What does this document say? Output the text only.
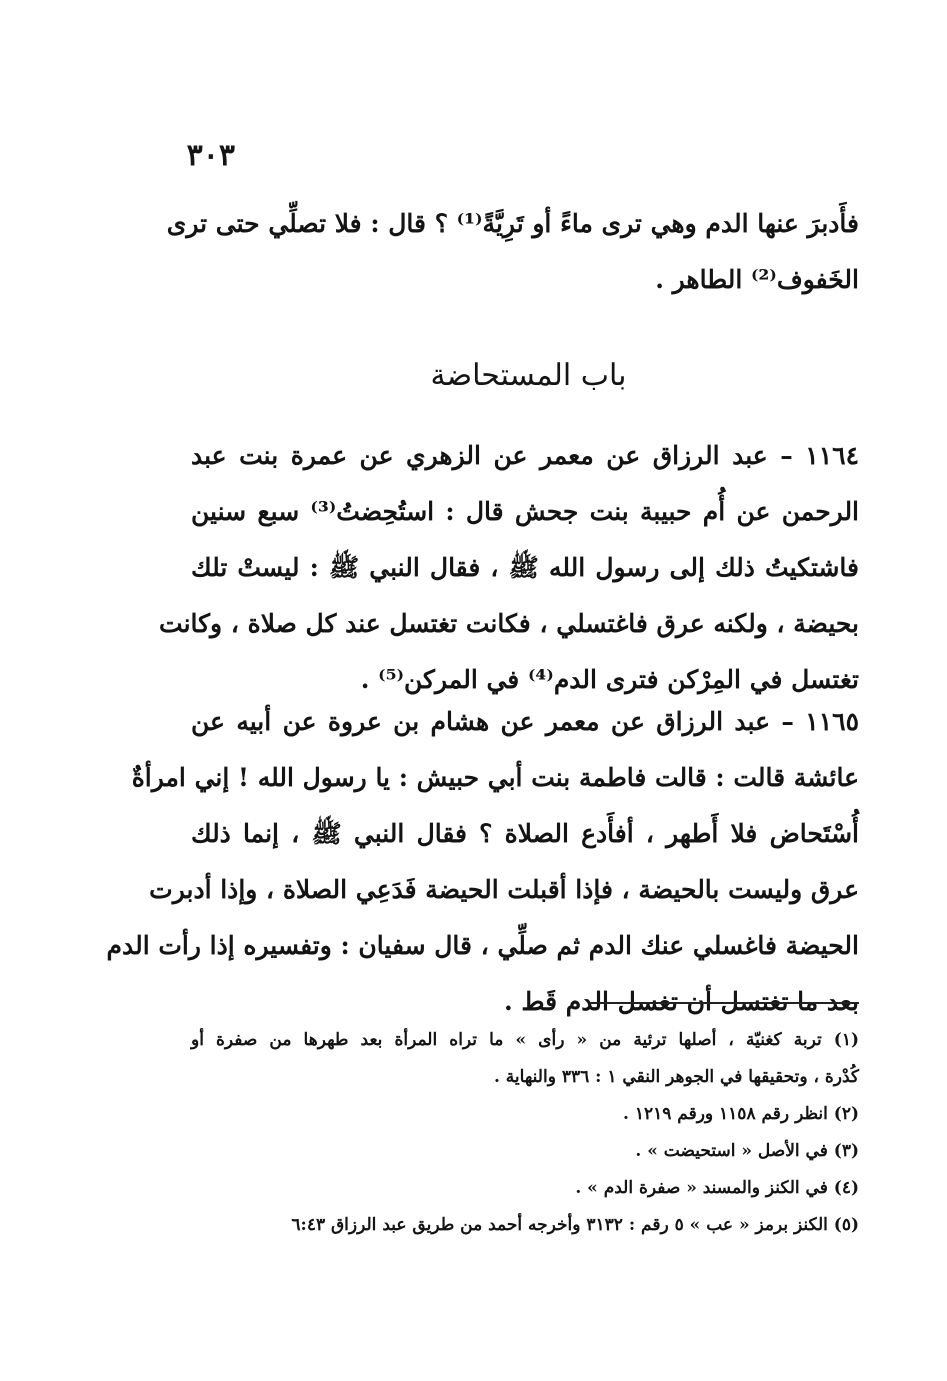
٣٠٣
فأَدبرَ عنها الدم وهي ترى ماءً أو تَرِيَّةً⁽¹⁾ ؟ قال : فلا تصلِّي حتى ترى
الخَفوف⁽²⁾ الطاهر .
باب المستحاضة
١١٦٤ – عبد الرزاق عن معمر عن الزهري عن عمرة بنت عبد
الرحمن عن أُم حبيبة بنت جحش قال : استُحِضتُ⁽³⁾ سبع سنين
فاشتكيتُ ذلك إلى رسول الله ﷺ ، فقال النبي ﷺ : ليستْ تلك
بحيضة ، ولكنه عرق فاغتسلي ، فكانت تغتسل عند كل صلاة ، وكانت
تغتسل في المِرْكن فترى الدم⁽⁴⁾ في المركن⁽⁵⁾ .
١١٦٥ – عبد الرزاق عن معمر عن هشام بن عروة عن أبيه عن
عائشة قالت : قالت فاطمة بنت أبي حبيش : يا رسول الله ! إني امرأةٌ
أُسْتَحاض فلا أَطهر ، أفأَدع الصلاة ؟ فقال النبي ﷺ ، إنما ذلك
عرق وليست بالحيضة ، فإذا أقبلت الحيضة فَدَعِي الصلاة ، وإذا أدبرت
الحيضة فاغسلي عنك الدم ثم صلِّي ، قال سفيان : وتفسيره إذا رأت الدم
بعد ما تغتسل أن تغسل الدم قَط .
(١) تربة كغنيّة ، أصلها ترئية من « رأى » ما تراه المرأة بعد طهرها من صفرة أو
كُدْرة ، وتحقيقها في الجوهر النقي ١ : ٣٣٦ والنهاية .
(٢) انظر رقم ١١٥٨ ورقم ١٢١٩ .
(٣) في الأصل « استحيضت » .
(٤) في الكنز والمسند « صفرة الدم » .
(٥) الكنز برمز « عب » ٥ رقم : ٣١٣٢ وأخرجه أحمد من طريق عبد الرزاق ٦:٤٣
